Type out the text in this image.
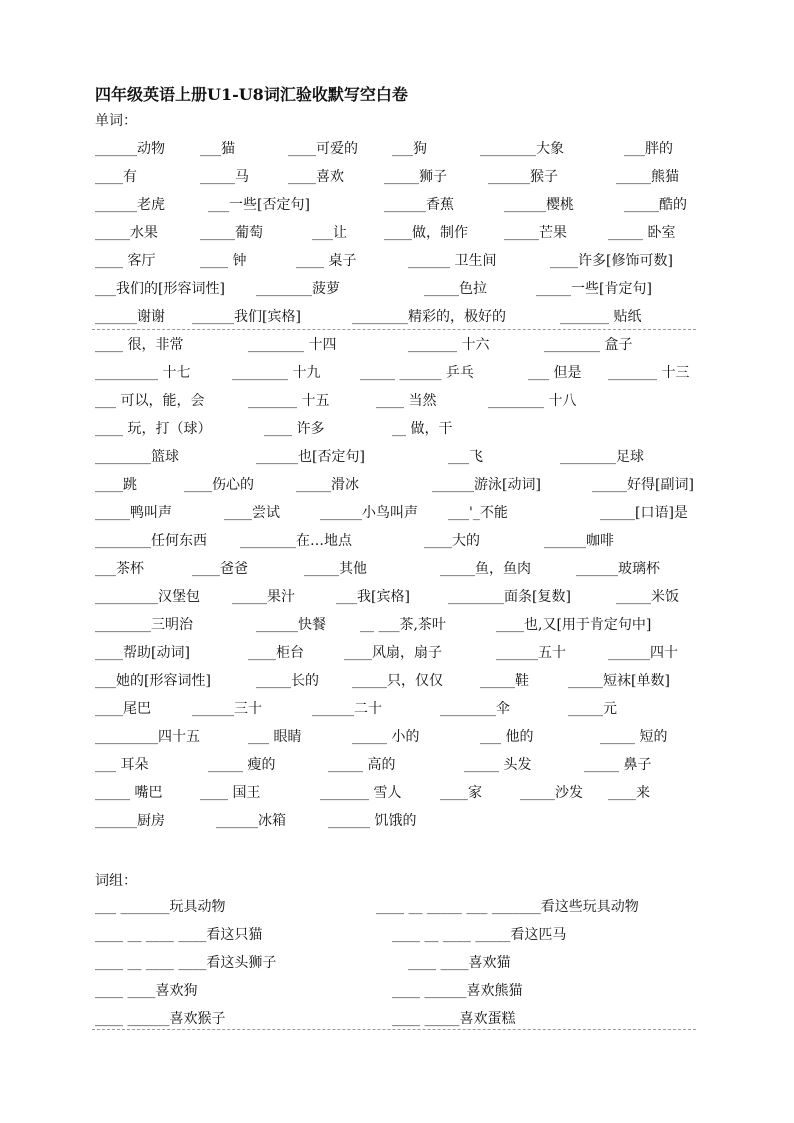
四年级英语上册U1-U8词汇验收默写空白卷
单词：
______动物	___猫	____可爱的 ___狗	________大象	___胖的
____有	_____马	____喜欢	_____狮子	______猴子	_____熊猫
______老虎	___一些[否定句]	______香蕉	______樱桃	_____酷的
_____水果	_____葡萄	___让	____做，制作	_____芒果	_____ 卧室
____ 客厅	____ 钟	____ 桌子	______ 卫生间	____许多[修饰可数]
___我们的[形容词性] ________菠萝	_____色拉	_____一些[肯定句]
______谢谢 ______我们[宾格]	________精彩的，极好的	_______ 贴纸
____ 很，非常	________ 十四	_______ 十六	________ 盒子
_________ 十七	________ 十九	_____ ______ 乒乓	___ 但是 _______ 十三
___ 可以，能，会	_______ 十五	____ 当然	________ 十八
____ 玩，打（球）	____ 许多	__ 做，干
________篮球	______也[否定句]	___飞	________足球
____跳	____伤心的	_____滑冰	______游泳[动词]	_____好得[副词]
_____鸭叫声	____尝试	______小鸟叫声 ___'_不能	_____[口语]是
________任何东西 ________在…地点	____大的	______咖啡
___茶杯	____爸爸	_____其他	_____鱼，鱼肉	______玻璃杯
_________汉堡包 _____果汁	___我[宾格]	________面条[复数]	_____米饭
________三明治	______快餐 __ ___茶,茶叶	____也,又[用于肯定句中]
____帮助[动词]	____柜台	____风扇，扇子	______五十	______四十
___她的[形容词性]	_____长的 _____只，仅仅	_____鞋	_____短袜[单数]
____尾巴	______三十	______二十	________伞	_____元
_________四十五	___ 眼睛	_____ 小的	___ 他的	_____ 短的
___ 耳朵	_____ 瘦的	_____ 高的	_____ 头发	_____ 鼻子
_____ 嘴巴	____ 国王	_______ 雪人	____家	_____沙发 ____来
______厨房	______冰箱	______ 饥饿的
词组：
___ _______玩具动物	____ __ _____ ___ _______看这些玩具动物
____ __ ____ ____看这只猫	____ __ ____ _____看这匹马
____ __ ____ ____看这头狮子	____ ____喜欢猫
____ ____喜欢狗	____ ______喜欢熊猫
____ ______喜欢猴子	____ _____喜欢蛋糕
